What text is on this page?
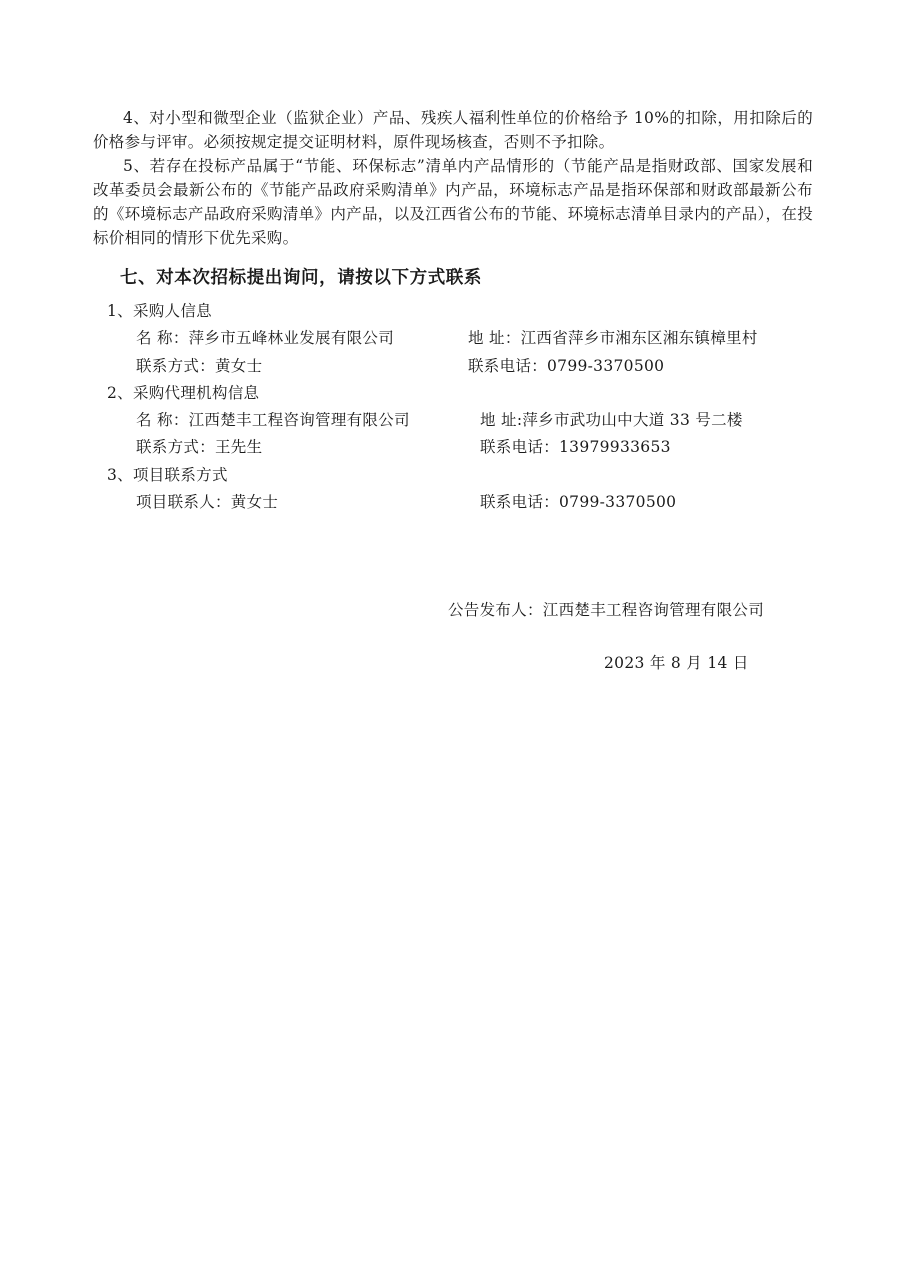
4、对小型和微型企业（监狱企业）产品、残疾人福利性单位的价格给予 10%的扣除，用扣除后的价格参与评审。必须按规定提交证明材料，原件现场核查，否则不予扣除。

5、若存在投标产品属于“节能、环保标志”清单内产品情形的（节能产品是指财政部、国家发展和改革委员会最新公布的《节能产品政府采购清单》内产品，环境标志产品是指环保部和财政部最新公布的《环境标志产品政府采购清单》内产品，以及江西省公布的节能、环境标志清单目录内的产品），在投标价相同的情形下优先采购。

七、对本次招标提出询问，请按以下方式联系

1、采购人信息

名 称：萍乡市五峰林业发展有限公司	地 址：江西省萍乡市湘东区湘东镇樟里村

联系方式：黄女士	联系电话：0799-3370500

2、采购代理机构信息

名 称：江西楚丰工程咨询管理有限公司	地 址:萍乡市武功山中大道 33 号二楼

联系方式：王先生	联系电话：13979933653

3、项目联系方式

项目联系人：黄女士	联系电话：0799-3370500

公告发布人：江西楚丰工程咨询管理有限公司

2023 年 8 月 14 日
